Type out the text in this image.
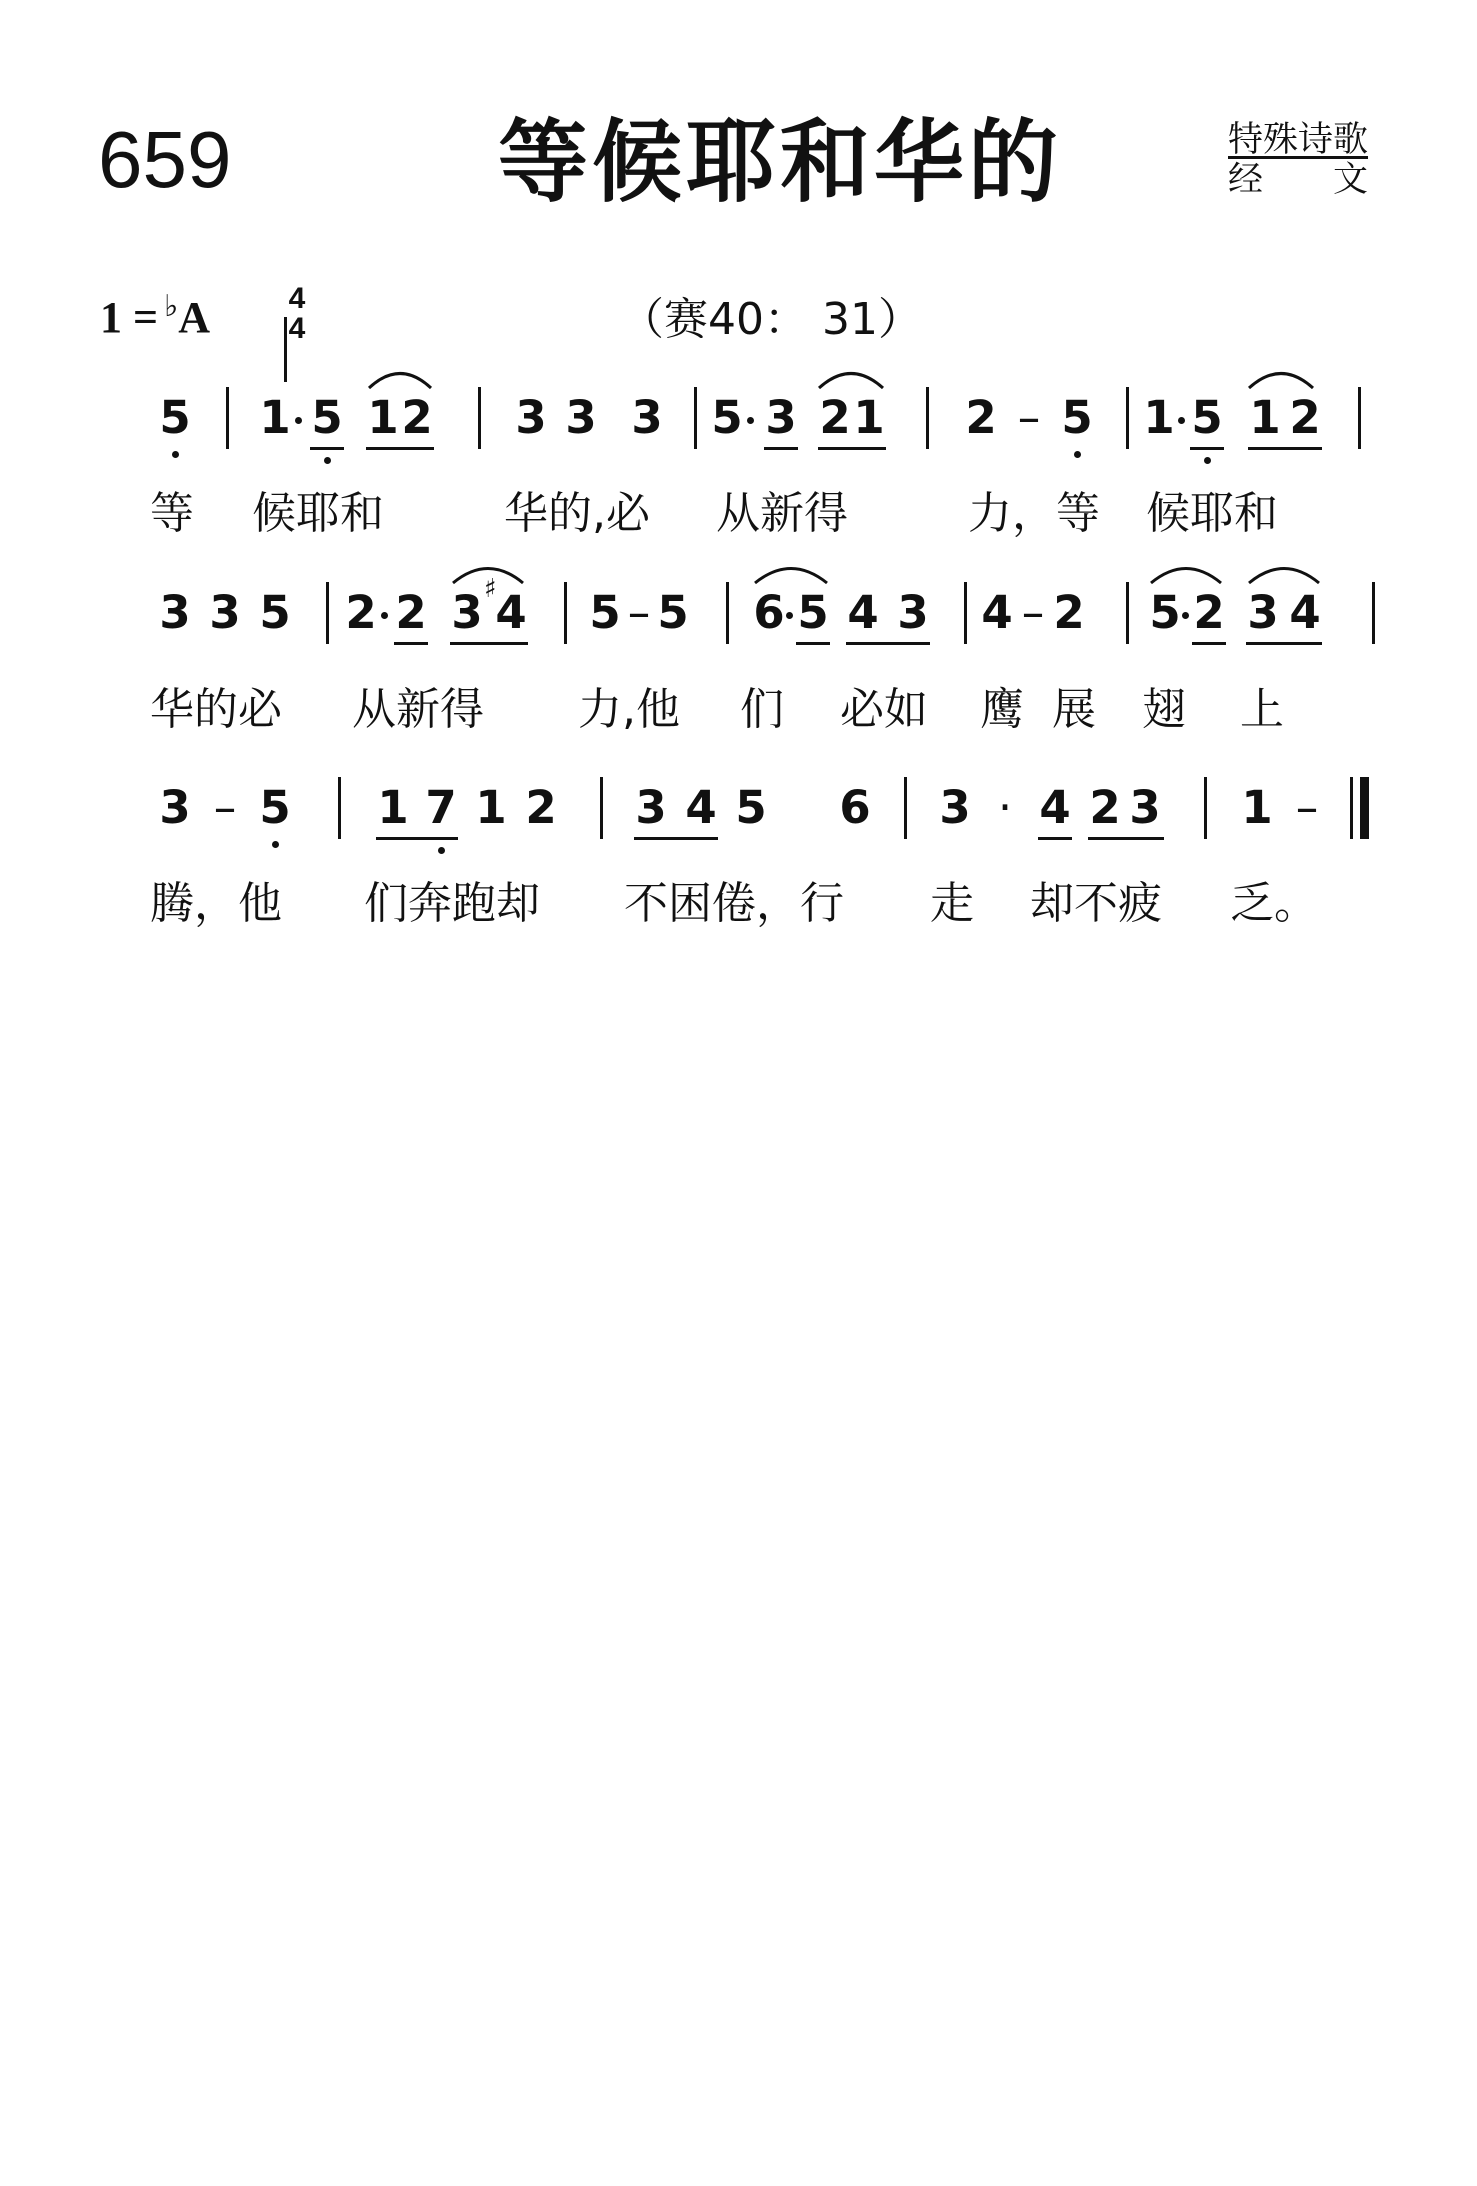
659	等候耶和华的	特殊诗歌
经　　文
1 = ♭A	4
4	（赛40： 31）
5 1 5 1 2 3 3 3 5 3 2 1 2 – 5 1 5 1 2
等 候耶和	华的,必 从新得	力，等 候耶和
3 3 5 2 2 3 ♯
4 5 – 5 6 5 4 3 4 – 2 5 2 3 4
华的必 从新得 力,他 们 必如 鹰 展 翅 上
3 – 5 1 7 1 2 3 4 5 6 3 · 4 2 3 1 –
腾，他 们奔跑却 不困倦，行 走 却不疲 乏。
